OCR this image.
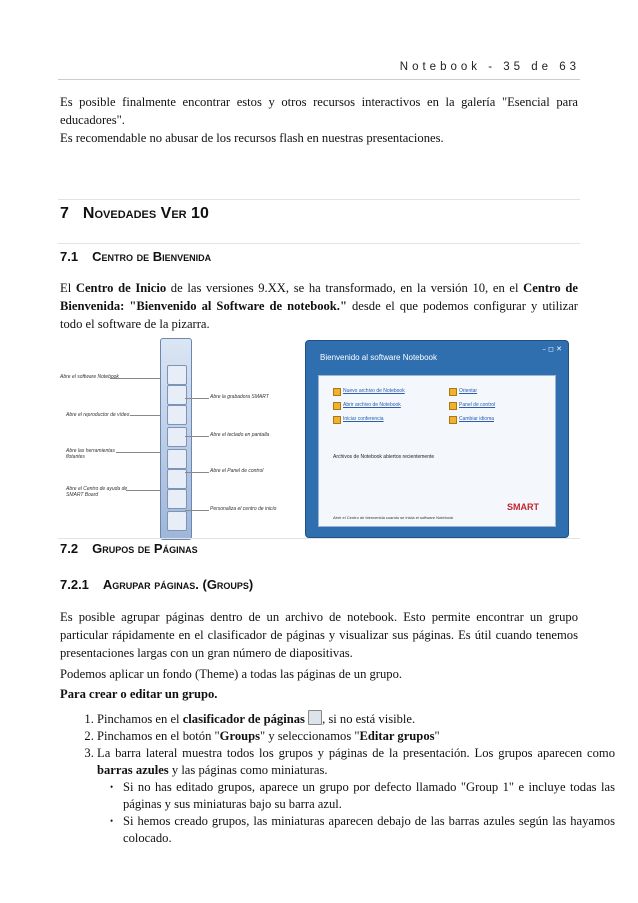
Notebook - 35 de 63

Es posible finalmente encontrar estos y otros recursos interactivos en la galería "Esencial para educadores".

Es recomendable no abusar de los recursos flash en nuestras presentaciones.

7 Novedades Ver 10
7.1 Centro de Bienvenida

El Centro de Inicio de las versiones 9.XX, se ha transformado, en la versión 10, en el Centro de Bienvenida: "Bienvenido al Software de notebook." desde el que podemos configurar y utilizar todo el software de la pizarra.

Abre el software Notebook
Abre el reproductor de vídeo
Abre las herramientas flotantes
Abre el Centro de ayuda de SMART Board
Abre la grabadora SMART
Abre el teclado en pantalla
Abre el Panel de control
Personaliza el centro de inicio
– ◻ ✕
Bienvenido al software Notebook
Nuevo archivo de Notebook
Abrir archivo de Notebook
Iniciar conferencia
Orientar
Panel de control
Cambiar idioma
Archivos de Notebook abiertos recientemente
Abrir el Centro de bienvenida cuando se inicia el software Notebook
SMART
7.2 Grupos de Páginas
7.2.1 Agrupar páginas. (Groups)

Es posible agrupar páginas dentro de un archivo de notebook. Esto permite encontrar un grupo particular rápidamente en el clasificador de páginas y visualizar sus páginas. Es útil cuando tenemos presentaciones largas con un gran número de diapositivas.

Podemos aplicar un fondo (Theme) a todas las páginas de un grupo.

Para crear o editar un grupo.

1. Pinchamos en el clasificador de páginas , si no está visible.
2. Pinchamos en el botón "Groups" y seleccionamos "Editar grupos"
3. La barra lateral muestra todos los grupos y páginas de la presentación. Los grupos aparecen como barras azules y las páginas como miniaturas.
• Si no has editado grupos, aparece un grupo por defecto llamado "Group 1" e incluye todas las páginas y sus miniaturas bajo su barra azul.
• Si hemos creado grupos, las miniaturas aparecen debajo de las barras azules según las hayamos colocado.
